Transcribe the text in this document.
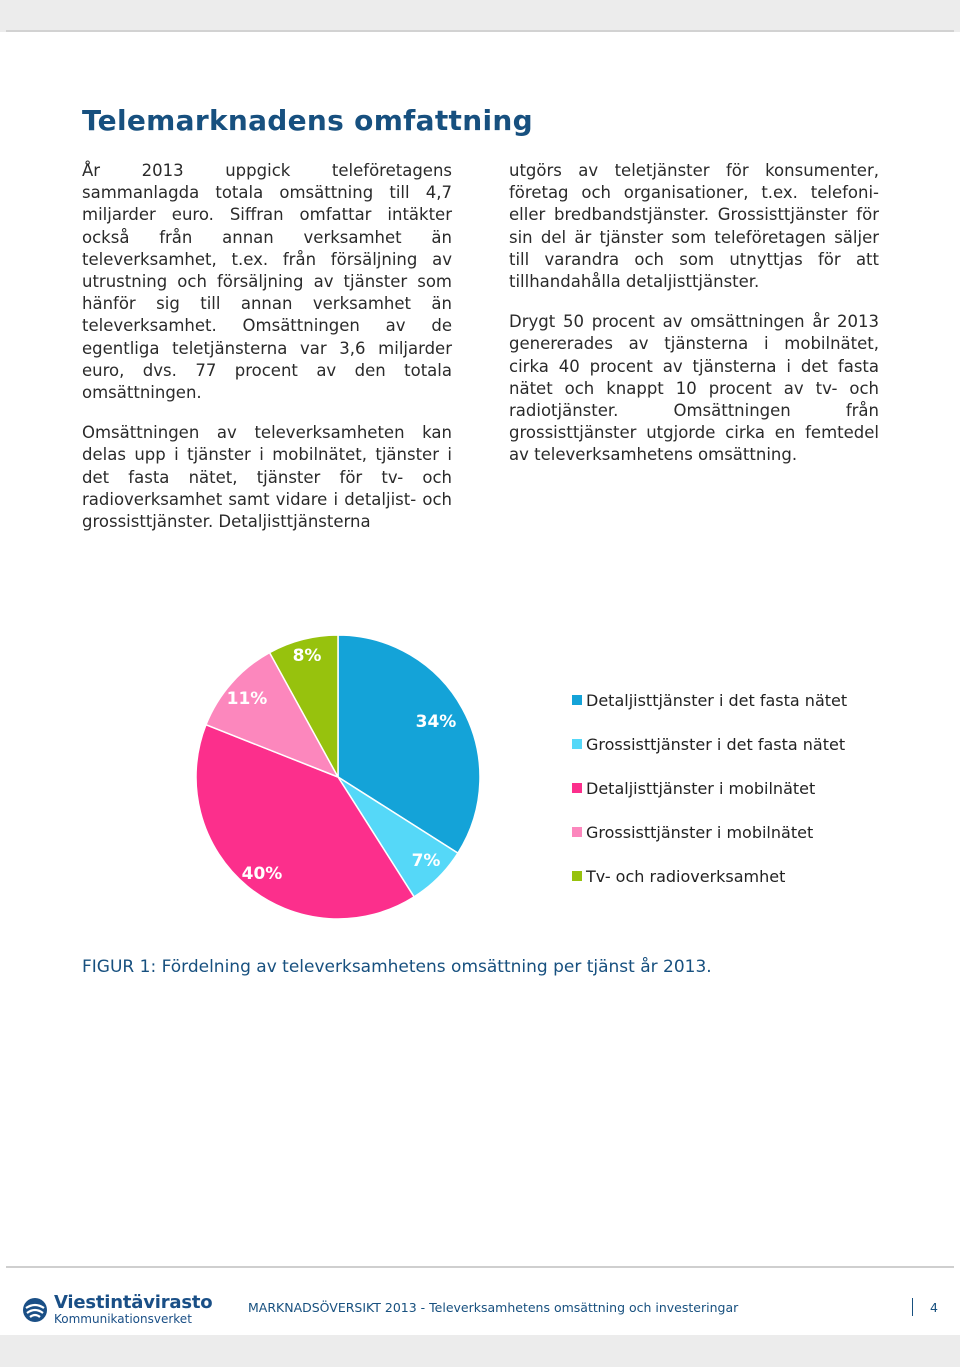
Telemarknadens omfattning

År 2013 uppgick teleföretagens sammanlagda totala omsättning till 4,7 miljarder euro. Siffran omfattar intäkter också från annan verksamhet än televerksamhet, t.ex. från försäljning av utrustning och försäljning av tjänster som hänför sig till annan verksamhet än televerksamhet. Omsättningen av de egentliga teletjänsterna var 3,6 miljarder euro, dvs. 77 procent av den totala omsättningen.

Omsättningen av televerksamheten kan delas upp i tjänster i mobilnätet, tjänster i det fasta nätet, tjänster för tv- och radioverksamhet samt vidare i detaljist- och grossisttjänster. Detaljisttjänsterna

utgörs av teletjänster för konsumenter, företag och organisationer, t.ex. telefoni- eller bredbandstjänster. Grossisttjänster för sin del är tjänster som teleföretagen säljer till varandra och som utnyttjas för att tillhandahålla detaljisttjänster.

Drygt 50 procent av omsättningen år 2013 genererades av tjänsterna i mobilnätet, cirka 40 procent av tjänsterna i det fasta nätet och knappt 10 procent av tv- och radiotjänster. Omsättningen från grossisttjänster utgjorde cirka en femtedel av televerksamhetens omsättning.

34%
7%
40%
11%
8%
Detaljisttjänster i det fasta nätet
Grossisttjänster i det fasta nätet
Detaljisttjänster i mobilnätet
Grossisttjänster i mobilnätet
Tv- och radioverksamhet
FIGUR 1: Fördelning av televerksamhetens omsättning per tjänst år 2013.
Viestintävirasto
Kommunikationsverket
MARKNADSÖVERSIKT 2013 - Televerksamhetens omsättning och investeringar	4
